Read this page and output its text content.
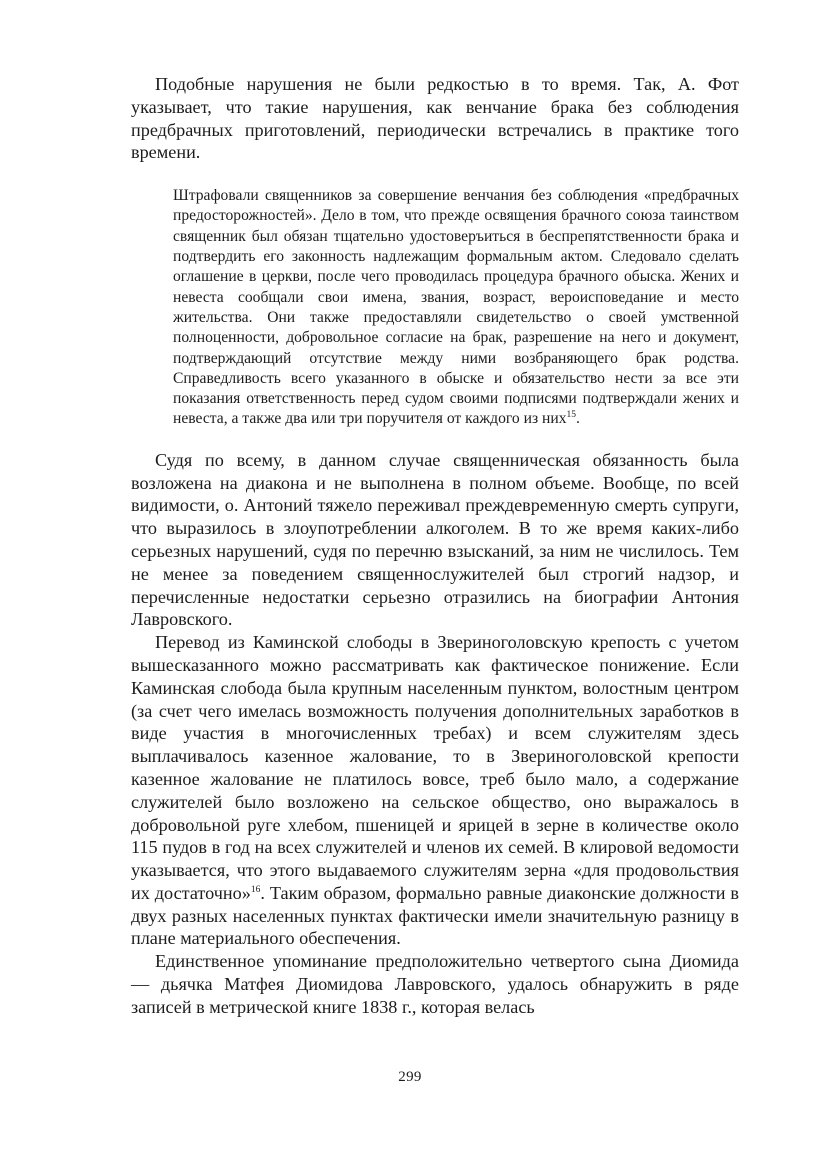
Подобные нарушения не были редкостью в то время. Так, А. Фот указывает, что такие нарушения, как венчание брака без соблюдения предбрачных приготовлений, периодически встречались в практике того времени.

Штрафовали священников за совершение венчания без соблюдения «предбрачных предосторожностей». Дело в том, что прежде освящения брачного союза таинством священник был обязан тщательно удостоверъиться в беспрепятственности брака и подтвердить его законность надлежащим формальным актом. Следовало сделать оглашение в церкви, после чего проводилась процедура брачного обыска. Жених и невеста сообщали свои имена, звания, возраст, вероисповедание и место жительства. Они также предоставляли свидетельство о своей умственной полноценности, добровольное согласие на брак, разрешение на него и документ, подтверждающий отсутствие между ними возбраняющего брак родства. Справедливость всего указанного в обыске и обязательство нести за все эти показания ответственность перед судом своими подписями подтверждали жених и невеста, а также два или три поручителя от каждого из них$^{15}$.

Судя по всему, в данном случае священническая обязанность была возложена на диакона и не выполнена в полном объеме. Вообще, по всей видимости, о. Антоний тяжело переживал преждевременную смерть супруги, что выразилось в злоупотреблении алкоголем. В то же время каких-либо серьезных нарушений, судя по перечню взысканий, за ним не числилось. Тем не менее за поведением священнослужителей был строгий надзор, и перечисленные недостатки серьезно отразились на биографии Антония Лавровского.

Перевод из Каминской слободы в Звериноголовскую крепость с учетом вышесказанного можно рассматривать как фактическое понижение. Если Каминская слобода была крупным населенным пунктом, волостным центром (за счет чего имелась возможность получения дополнительных заработков в виде участия в многочисленных требах) и всем служителям здесь выплачивалось казенное жалование, то в Звериноголовской крепости казенное жалование не платилось вовсе, треб было мало, а содержание служителей было возложено на сельское общество, оно выражалось в добровольной руге хлебом, пшеницей и ярицей в зерне в количестве около 115 пудов в год на всех служителей и членов их семей. В клировой ведомости указывается, что этого выдаваемого служителям зерна «для продовольствия их достаточно»$^{16}$. Таким образом, формально равные диаконские должности в двух разных населенных пунктах фактически имели значительную разницу в плане материального обеспечения.

Единственное упоминание предположительно четвертого сына Диомида — дьячка Матфея Диомидова Лавровского, удалось обнаружить в ряде записей в метрической книге 1838 г., которая велась

299
